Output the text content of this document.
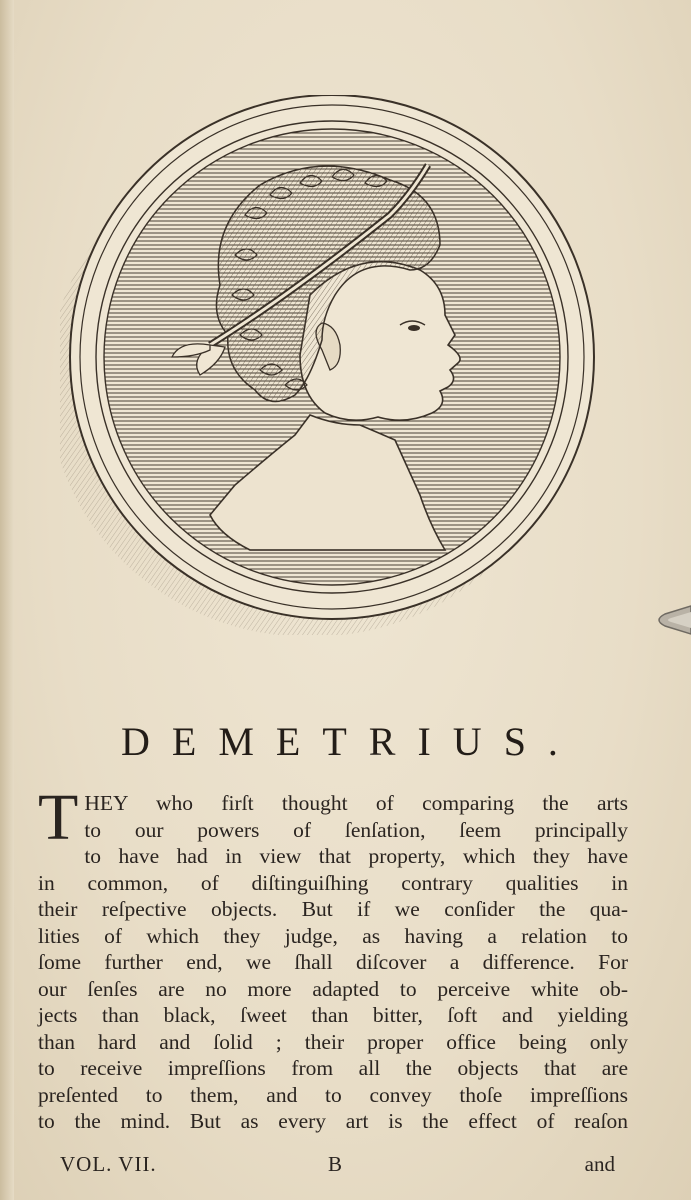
DEMETRIUS.
T HEY who firſt thought of comparing the arts
to our powers of ſenſation, ſeem principally
to have had in view that property, which they have
in common, of diſtinguiſhing contrary qualities in
their reſpective objects. But if we conſider the qua-
lities of which they judge, as having a relation to
ſome further end, we ſhall diſcover a difference. For
our ſenſes are no more adapted to perceive white ob-
jects than black, ſweet than bitter, ſoft and yielding
than hard and ſolid ; their proper office being only
to receive impreſſions from all the objects that are
preſented to them, and to convey thoſe impreſſions
to the mind. But as every art is the effect of reaſon
VOL. VII.	B	and
